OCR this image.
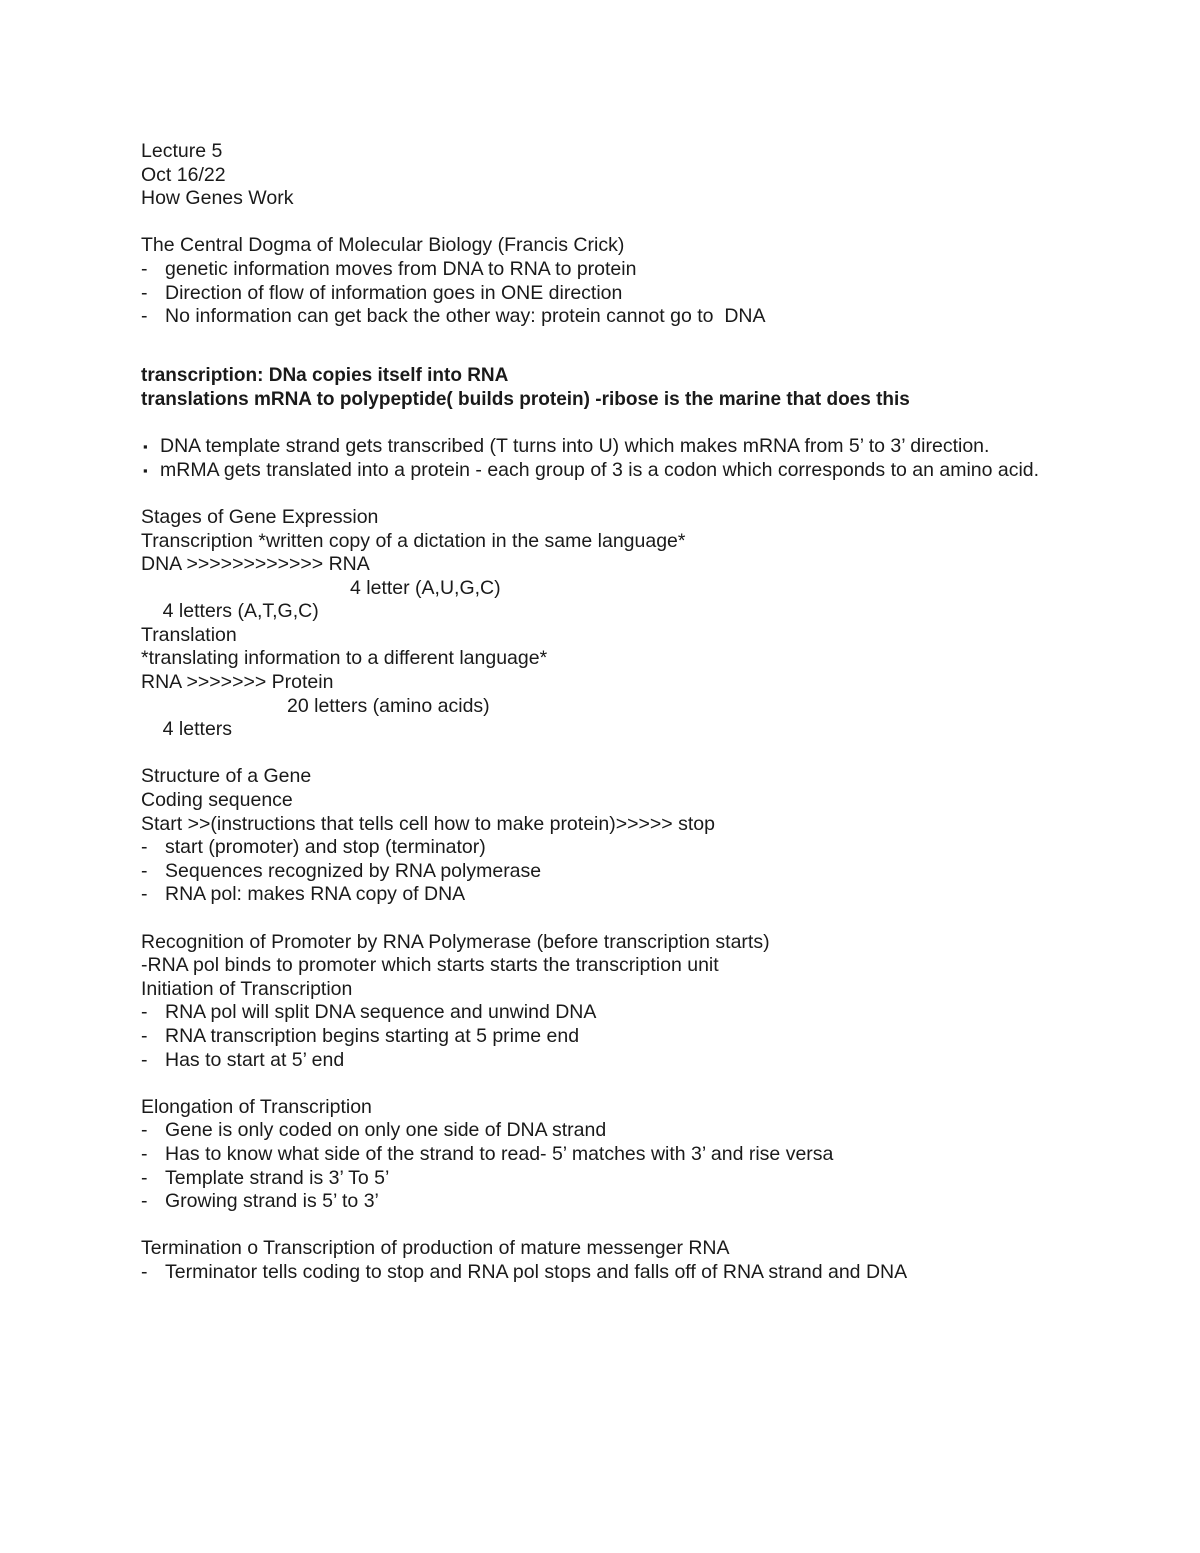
Lecture 5
Oct 16/22
How Genes Work
The Central Dogma of Molecular Biology (Francis Crick)
- genetic information moves from DNA to RNA to protein
- Direction of flow of information goes in ONE direction
- No information can get back the other way: protein cannot go to  DNA
transcription: DNa copies itself into RNA
translations mRNA to polypeptide( builds protein) -ribose is the marine that does this
▪ DNA template strand gets transcribed (T turns into U) which makes mRNA from 5’ to 3’ direction.
▪ mRMA gets translated into a protein - each group of 3 is a codon which corresponds to an amino acid.
Stages of Gene Expression
Transcription *written copy of a dictation in the same language*
DNA >>>>>>>>>>>> RNA

4 letters (A,T,G,C)

4 letter (A,U,G,C)

Translation
*translating information to a different language*
RNA >>>>>>> Protein

4 letters

20 letters (amino acids)

Structure of a Gene
Coding sequence
Start >>(instructions that tells cell how to make protein)>>>>> stop
- start (promoter) and stop (terminator)
- Sequences recognized by RNA polymerase
- RNA pol: makes RNA copy of DNA
Recognition of Promoter by RNA Polymerase (before transcription starts)
-RNA pol binds to promoter which starts starts the transcription unit
Initiation of Transcription
- RNA pol will split DNA sequence and unwind DNA
- RNA transcription begins starting at 5 prime end
- Has to start at 5’ end
Elongation of Transcription
- Gene is only coded on only one side of DNA strand
- Has to know what side of the strand to read- 5’ matches with 3’ and rise versa
- Template strand is 3’ To 5’
- Growing strand is 5’ to 3’
Termination o Transcription of production of mature messenger RNA
- Terminator tells coding to stop and RNA pol stops and falls off of RNA strand and DNA
